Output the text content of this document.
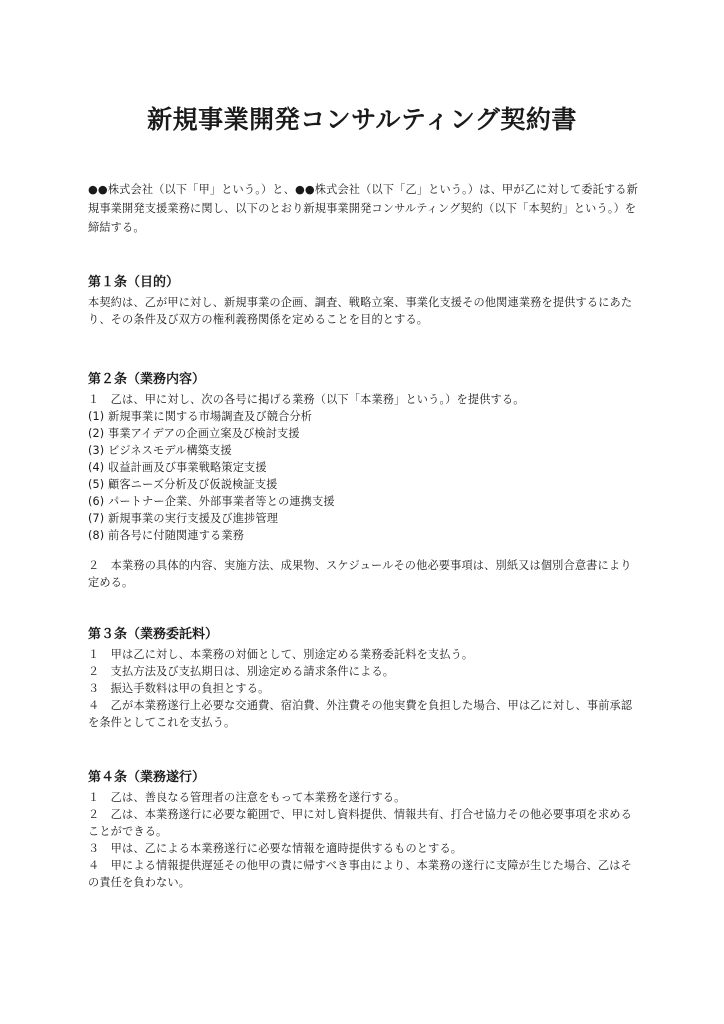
新規事業開発コンサルティング契約書

●●株式会社（以下「甲」という。）と、●●株式会社（以下「乙」という。）は、甲が乙に対して委託する新規事業開発支援業務に関し、以下のとおり新規事業開発コンサルティング契約（以下「本契約」という。）を締結する。

第１条（目的）

本契約は、乙が甲に対し、新規事業の企画、調査、戦略立案、事業化支援その他関連業務を提供するにあたり、その条件及び双方の権利義務関係を定めることを目的とする。

第２条（業務内容）

１　乙は、甲に対し、次の各号に掲げる業務（以下「本業務」という。）を提供する。

(1) 新規事業に関する市場調査及び競合分析

(2) 事業アイデアの企画立案及び検討支援

(3) ビジネスモデル構築支援

(4) 収益計画及び事業戦略策定支援

(5) 顧客ニーズ分析及び仮説検証支援

(6) パートナー企業、外部事業者等との連携支援

(7) 新規事業の実行支援及び進捗管理

(8) 前各号に付随関連する業務

２　本業務の具体的内容、実施方法、成果物、スケジュールその他必要事項は、別紙又は個別合意書により定める。

第３条（業務委託料）

１　甲は乙に対し、本業務の対価として、別途定める業務委託料を支払う。

２　支払方法及び支払期日は、別途定める請求条件による。

３　振込手数料は甲の負担とする。

４　乙が本業務遂行上必要な交通費、宿泊費、外注費その他実費を負担した場合、甲は乙に対し、事前承認を条件としてこれを支払う。

第４条（業務遂行）

１　乙は、善良なる管理者の注意をもって本業務を遂行する。

２　乙は、本業務遂行に必要な範囲で、甲に対し資料提供、情報共有、打合せ協力その他必要事項を求めることができる。

３　甲は、乙による本業務遂行に必要な情報を適時提供するものとする。

４　甲による情報提供遅延その他甲の責に帰すべき事由により、本業務の遂行に支障が生じた場合、乙はその責任を負わない。
